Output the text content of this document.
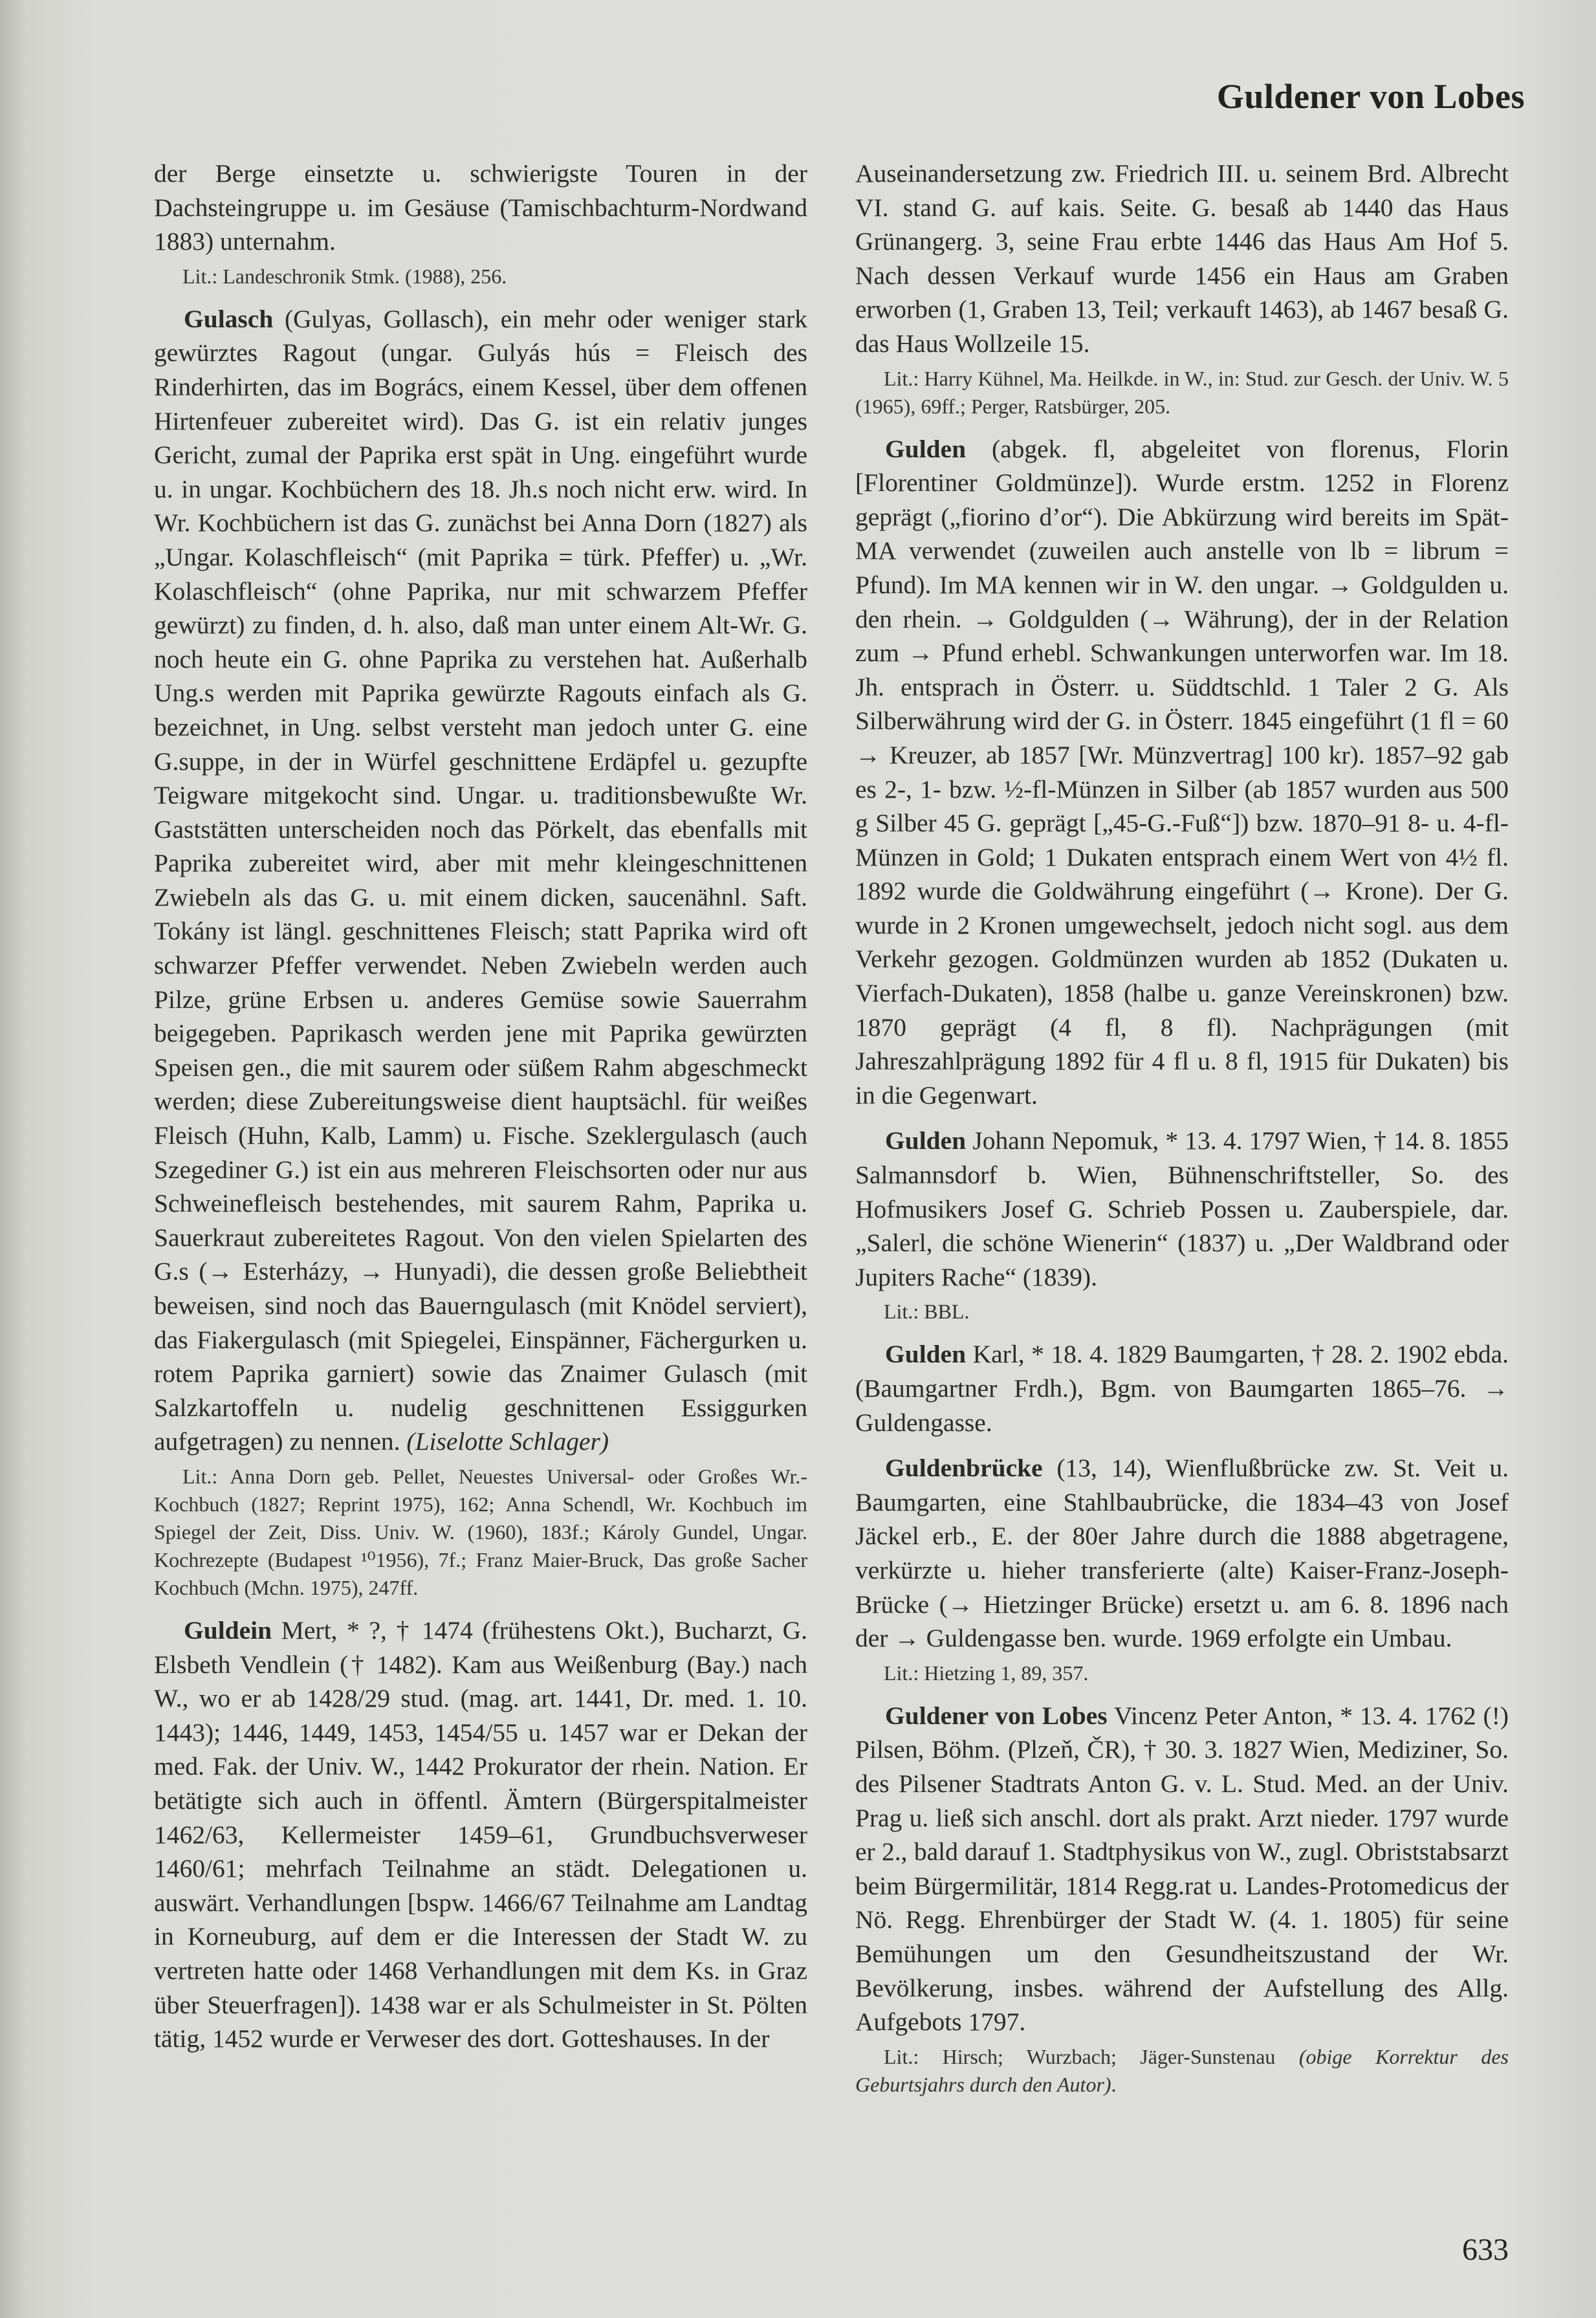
Guldener von Lobes

der Berge einsetzte u. schwierigste Touren in der Dachsteingruppe u. im Gesäuse (Tamischbachturm-Nordwand 1883) unternahm.

Lit.: Landeschronik Stmk. (1988), 256.

Gulasch (Gulyas, Gollasch), ein mehr oder weniger stark gewürztes Ragout (ungar. Gulyás hús = Fleisch des Rinderhirten, das im Bogrács, einem Kessel, über dem offenen Hirtenfeuer zubereitet wird). Das G. ist ein relativ junges Gericht, zumal der Paprika erst spät in Ung. eingeführt wurde u. in ungar. Kochbüchern des 18. Jh.s noch nicht erw. wird. In Wr. Kochbüchern ist das G. zunächst bei Anna Dorn (1827) als „Ungar. Kolaschfleisch“ (mit Paprika = türk. Pfeffer) u. „Wr. Kolaschfleisch“ (ohne Paprika, nur mit schwarzem Pfeffer gewürzt) zu finden, d. h. also, daß man unter einem Alt-Wr. G. noch heute ein G. ohne Paprika zu verstehen hat. Außerhalb Ung.s werden mit Paprika gewürzte Ragouts einfach als G. bezeichnet, in Ung. selbst versteht man jedoch unter G. eine G.suppe, in der in Würfel geschnittene Erdäpfel u. gezupfte Teigware mitgekocht sind. Ungar. u. traditionsbewußte Wr. Gaststätten unterscheiden noch das Pörkelt, das ebenfalls mit Paprika zubereitet wird, aber mit mehr kleingeschnittenen Zwiebeln als das G. u. mit einem dicken, saucenähnl. Saft. Tokány ist längl. geschnittenes Fleisch; statt Paprika wird oft schwarzer Pfeffer verwendet. Neben Zwiebeln werden auch Pilze, grüne Erbsen u. anderes Gemüse sowie Sauerrahm beigegeben. Paprikasch werden jene mit Paprika gewürzten Speisen gen., die mit saurem oder süßem Rahm abgeschmeckt werden; diese Zubereitungsweise dient hauptsächl. für weißes Fleisch (Huhn, Kalb, Lamm) u. Fische. Szeklergulasch (auch Szegediner G.) ist ein aus mehreren Fleischsorten oder nur aus Schweinefleisch bestehendes, mit saurem Rahm, Paprika u. Sauerkraut zubereitetes Ragout. Von den vielen Spielarten des G.s (→ Esterházy, → Hunyadi), die dessen große Beliebtheit beweisen, sind noch das Bauerngulasch (mit Knödel serviert), das Fiakergulasch (mit Spiegelei, Einspänner, Fächergurken u. rotem Paprika garniert) sowie das Znaimer Gulasch (mit Salzkartoffeln u. nudelig geschnittenen Essiggurken aufgetragen) zu nennen. (Liselotte Schlager)

Lit.: Anna Dorn geb. Pellet, Neuestes Universal- oder Großes Wr.-Kochbuch (1827; Reprint 1975), 162; Anna Schendl, Wr. Kochbuch im Spiegel der Zeit, Diss. Univ. W. (1960), 183f.; Károly Gundel, Ungar. Kochrezepte (Budapest ¹⁰1956), 7f.; Franz Maier-Bruck, Das große Sacher Kochbuch (Mchn. 1975), 247ff.

Guldein Mert, * ?, † 1474 (frühestens Okt.), Bucharzt, G. Elsbeth Vendlein († 1482). Kam aus Weißenburg (Bay.) nach W., wo er ab 1428/29 stud. (mag. art. 1441, Dr. med. 1. 10. 1443); 1446, 1449, 1453, 1454/55 u. 1457 war er Dekan der med. Fak. der Univ. W., 1442 Prokurator der rhein. Nation. Er betätigte sich auch in öffentl. Ämtern (Bürgerspitalmeister 1462/63, Kellermeister 1459–61, Grundbuchsverweser 1460/61; mehrfach Teilnahme an städt. Delegationen u. auswärt. Verhandlungen [bspw. 1466/67 Teilnahme am Landtag in Korneuburg, auf dem er die Interessen der Stadt W. zu vertreten hatte oder 1468 Verhandlungen mit dem Ks. in Graz über Steuerfragen]). 1438 war er als Schulmeister in St. Pölten tätig, 1452 wurde er Verweser des dort. Gotteshauses. In der

Auseinandersetzung zw. Friedrich III. u. seinem Brd. Albrecht VI. stand G. auf kais. Seite. G. besaß ab 1440 das Haus Grünangerg. 3, seine Frau erbte 1446 das Haus Am Hof 5. Nach dessen Verkauf wurde 1456 ein Haus am Graben erworben (1, Graben 13, Teil; verkauft 1463), ab 1467 besaß G. das Haus Wollzeile 15.

Lit.: Harry Kühnel, Ma. Heilkde. in W., in: Stud. zur Gesch. der Univ. W. 5 (1965), 69ff.; Perger, Ratsbürger, 205.

Gulden (abgek. fl, abgeleitet von florenus, Florin [Florentiner Goldmünze]). Wurde erstm. 1252 in Florenz geprägt („fiorino d’or“). Die Abkürzung wird bereits im Spät-MA verwendet (zuweilen auch anstelle von lb = librum = Pfund). Im MA kennen wir in W. den ungar. → Goldgulden u. den rhein. → Goldgulden (→ Währung), der in der Relation zum → Pfund erhebl. Schwankungen unterworfen war. Im 18. Jh. entsprach in Österr. u. Süddtschld. 1 Taler 2 G. Als Silberwährung wird der G. in Österr. 1845 eingeführt (1 fl = 60 → Kreuzer, ab 1857 [Wr. Münzvertrag] 100 kr). 1857–92 gab es 2-, 1- bzw. ½-fl-Münzen in Silber (ab 1857 wurden aus 500 g Silber 45 G. geprägt [„45-G.-Fuß“]) bzw. 1870–91 8- u. 4-fl-Münzen in Gold; 1 Dukaten entsprach einem Wert von 4½ fl. 1892 wurde die Goldwährung eingeführt (→ Krone). Der G. wurde in 2 Kronen umgewechselt, jedoch nicht sogl. aus dem Verkehr gezogen. Goldmünzen wurden ab 1852 (Dukaten u. Vierfach-Dukaten), 1858 (halbe u. ganze Vereinskronen) bzw. 1870 geprägt (4 fl, 8 fl). Nachprägungen (mit Jahreszahlprägung 1892 für 4 fl u. 8 fl, 1915 für Dukaten) bis in die Gegenwart.

Gulden Johann Nepomuk, * 13. 4. 1797 Wien, † 14. 8. 1855 Salmannsdorf b. Wien, Bühnenschriftsteller, So. des Hofmusikers Josef G. Schrieb Possen u. Zauberspiele, dar. „Salerl, die schöne Wienerin“ (1837) u. „Der Waldbrand oder Jupiters Rache“ (1839).

Lit.: BBL.

Gulden Karl, * 18. 4. 1829 Baumgarten, † 28. 2. 1902 ebda. (Baumgartner Frdh.), Bgm. von Baumgarten 1865–76. → Guldengasse.

Guldenbrücke (13, 14), Wienflußbrücke zw. St. Veit u. Baumgarten, eine Stahlbaubrücke, die 1834–43 von Josef Jäckel erb., E. der 80er Jahre durch die 1888 abgetragene, verkürzte u. hieher transferierte (alte) Kaiser-Franz-Joseph-Brücke (→ Hietzinger Brücke) ersetzt u. am 6. 8. 1896 nach der → Guldengasse ben. wurde. 1969 erfolgte ein Umbau.

Lit.: Hietzing 1, 89, 357.

Guldener von Lobes Vincenz Peter Anton, * 13. 4. 1762 (!) Pilsen, Böhm. (Plzeň, ČR), † 30. 3. 1827 Wien, Mediziner, So. des Pilsener Stadtrats Anton G. v. L. Stud. Med. an der Univ. Prag u. ließ sich anschl. dort als prakt. Arzt nieder. 1797 wurde er 2., bald darauf 1. Stadtphysikus von W., zugl. Obriststabsarzt beim Bürgermilitär, 1814 Regg.rat u. Landes-Protomedicus der Nö. Regg. Ehrenbürger der Stadt W. (4. 1. 1805) für seine Bemühungen um den Gesundheitszustand der Wr. Bevölkerung, insbes. während der Aufstellung des Allg. Aufgebots 1797.

Lit.: Hirsch; Wurzbach; Jäger-Sunstenau (obige Korrektur des Geburtsjahrs durch den Autor).

633
